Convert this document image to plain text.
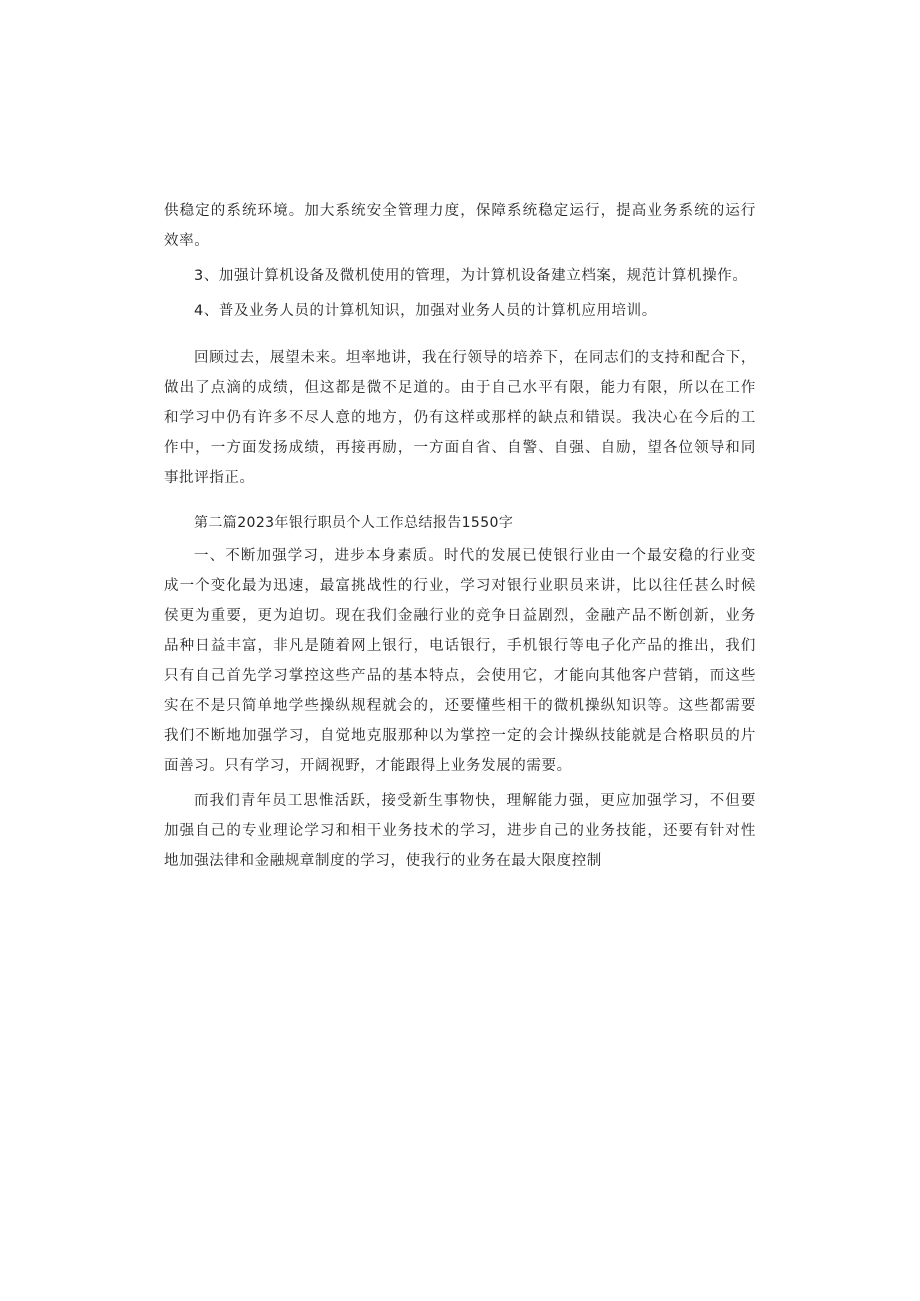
供稳定的系统环境。加大系统安全管理力度，保障系统稳定运行，提高业务系统的运行
效率。
3、加强计算机设备及微机使用的管理，为计算机设备建立档案，规范计算机操作。
4、普及业务人员的计算机知识，加强对业务人员的计算机应用培训。
回顾过去，展望未来。坦率地讲，我在行领导的培养下，在同志们的支持和配合下，
做出了点滴的成绩，但这都是微不足道的。由于自己水平有限，能力有限，所以在工作
和学习中仍有许多不尽人意的地方，仍有这样或那样的缺点和错误。我决心在今后的工
作中，一方面发扬成绩，再接再励，一方面自省、自警、自强、自励，望各位领导和同
事批评指正。
第二篇2023年银行职员个人工作总结报告1550字
一、不断加强学习，进步本身素质。时代的发展已使银行业由一个最安稳的行业变
成一个变化最为迅速，最富挑战性的行业，学习对银行业职员来讲，比以往任甚么时候
侯更为重要，更为迫切。现在我们金融行业的竞争日益剧烈，金融产品不断创新，业务
品种日益丰富，非凡是随着网上银行，电话银行，手机银行等电子化产品的推出，我们
只有自己首先学习掌控这些产品的基本特点，会使用它，才能向其他客户营销，而这些
实在不是只简单地学些操纵规程就会的，还要懂些相干的微机操纵知识等。这些都需要
我们不断地加强学习，自觉地克服那种以为掌控一定的会计操纵技能就是合格职员的片
面善习。只有学习，开阔视野，才能跟得上业务发展的需要。
而我们青年员工思惟活跃，接受新生事物快，理解能力强，更应加强学习，不但要
加强自己的专业理论学习和相干业务技术的学习，进步自己的业务技能，还要有针对性
地加强法律和金融规章制度的学习，使我行的业务在最大限度控制
